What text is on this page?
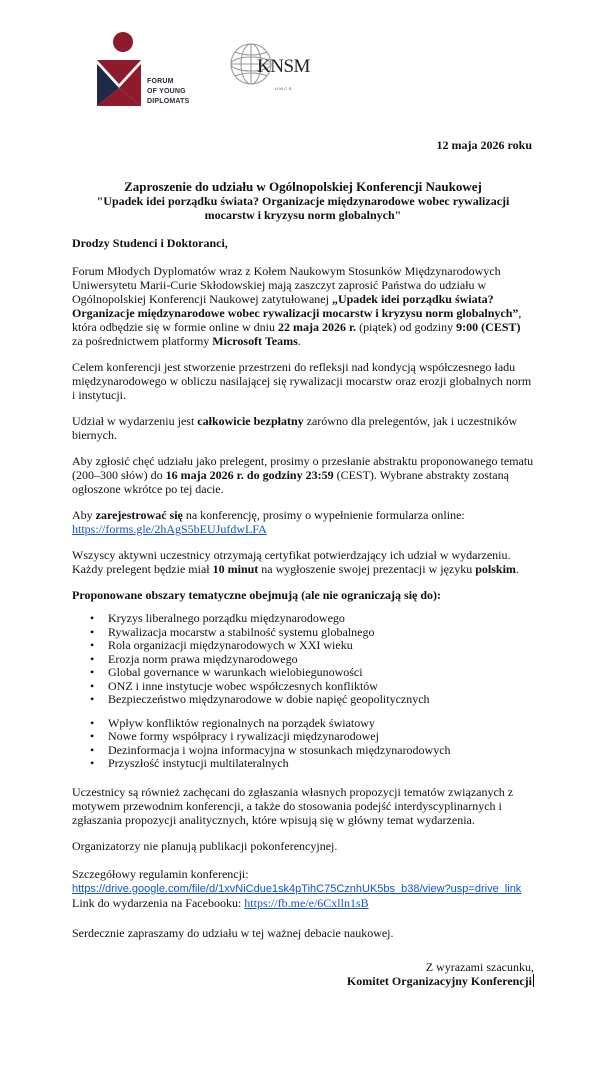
FORUM
OF YOUNG
DIPLOMATS
KNSM
UMCS
12 maja 2026 roku
Zaproszenie do udziału w Ogólnopolskiej Konferencji Naukowej
"Upadek idei porządku świata? Organizacje międzynarodowe wobec rywalizacji mocarstw i kryzysu norm globalnych"

Drodzy Studenci i Doktoranci,

Forum Młodych Dyplomatów wraz z Kołem Naukowym Stosunków Międzynarodowych Uniwersytetu Marii-Curie Skłodowskiej mają zaszczyt zaprosić Państwa do udziału w Ogólnopolskiej Konferencji Naukowej zatytułowanej „Upadek idei porządku świata? Organizacje międzynarodowe wobec rywalizacji mocarstw i kryzysu norm globalnych”, która odbędzie się w formie online w dniu 22 maja 2026 r. (piątek) od godziny 9:00 (CEST) za pośrednictwem platformy Microsoft Teams.

Celem konferencji jest stworzenie przestrzeni do refleksji nad kondycją współczesnego ładu międzynarodowego w obliczu nasilającej się rywalizacji mocarstw oraz erozji globalnych norm i instytucji.

Udział w wydarzeniu jest całkowicie bezpłatny zarówno dla prelegentów, jak i uczestników biernych.

Aby zgłosić chęć udziału jako prelegent, prosimy o przesłanie abstraktu proponowanego tematu (200–300 słów) do 16 maja 2026 r. do godziny 23:59 (CEST). Wybrane abstrakty zostaną ogłoszone wkrótce po tej dacie.

Aby zarejestrować się na konferencję, prosimy o wypełnienie formularza online:
https://forms.gle/2hAgS5bEUJufdwLFA

Wszyscy aktywni uczestnicy otrzymają certyfikat potwierdzający ich udział w wydarzeniu. Każdy prelegent będzie miał 10 minut na wygłoszenie swojej prezentacji w języku polskim.

Proponowane obszary tematyczne obejmują (ale nie ograniczają się do):

• Kryzys liberalnego porządku międzynarodowego
• Rywalizacja mocarstw a stabilność systemu globalnego
• Rola organizacji międzynarodowych w XXI wieku
• Erozja norm prawa międzynarodowego
• Global governance w warunkach wielobiegunowości
• ONZ i inne instytucje wobec współczesnych konfliktów
• Bezpieczeństwo międzynarodowe w dobie napięć geopolitycznych
• Wpływ konfliktów regionalnych na porządek światowy
• Nowe formy współpracy i rywalizacji międzynarodowej
• Dezinformacja i wojna informacyjna w stosunkach międzynarodowych
• Przyszłość instytucji multilateralnych

Uczestnicy są również zachęcani do zgłaszania własnych propozycji tematów związanych z motywem przewodnim konferencji, a także do stosowania podejść interdyscyplinarnych i zgłaszania propozycji analitycznych, które wpisują się w główny temat wydarzenia.

Organizatorzy nie planują publikacji pokonferencyjnej.

Szczegółowy regulamin konferencji:
https://drive.google.com/file/d/1xvNiCdue1sk4pTihC75CznhUK5bs_b38/view?usp=drive_link
Link do wydarzenia na Facebooku: https://fb.me/e/6Cxlln1sB

Serdecznie zapraszamy do udziału w tej ważnej debacie naukowej.

Z wyrazami szacunku,
Komitet Organizacyjny Konferencji
